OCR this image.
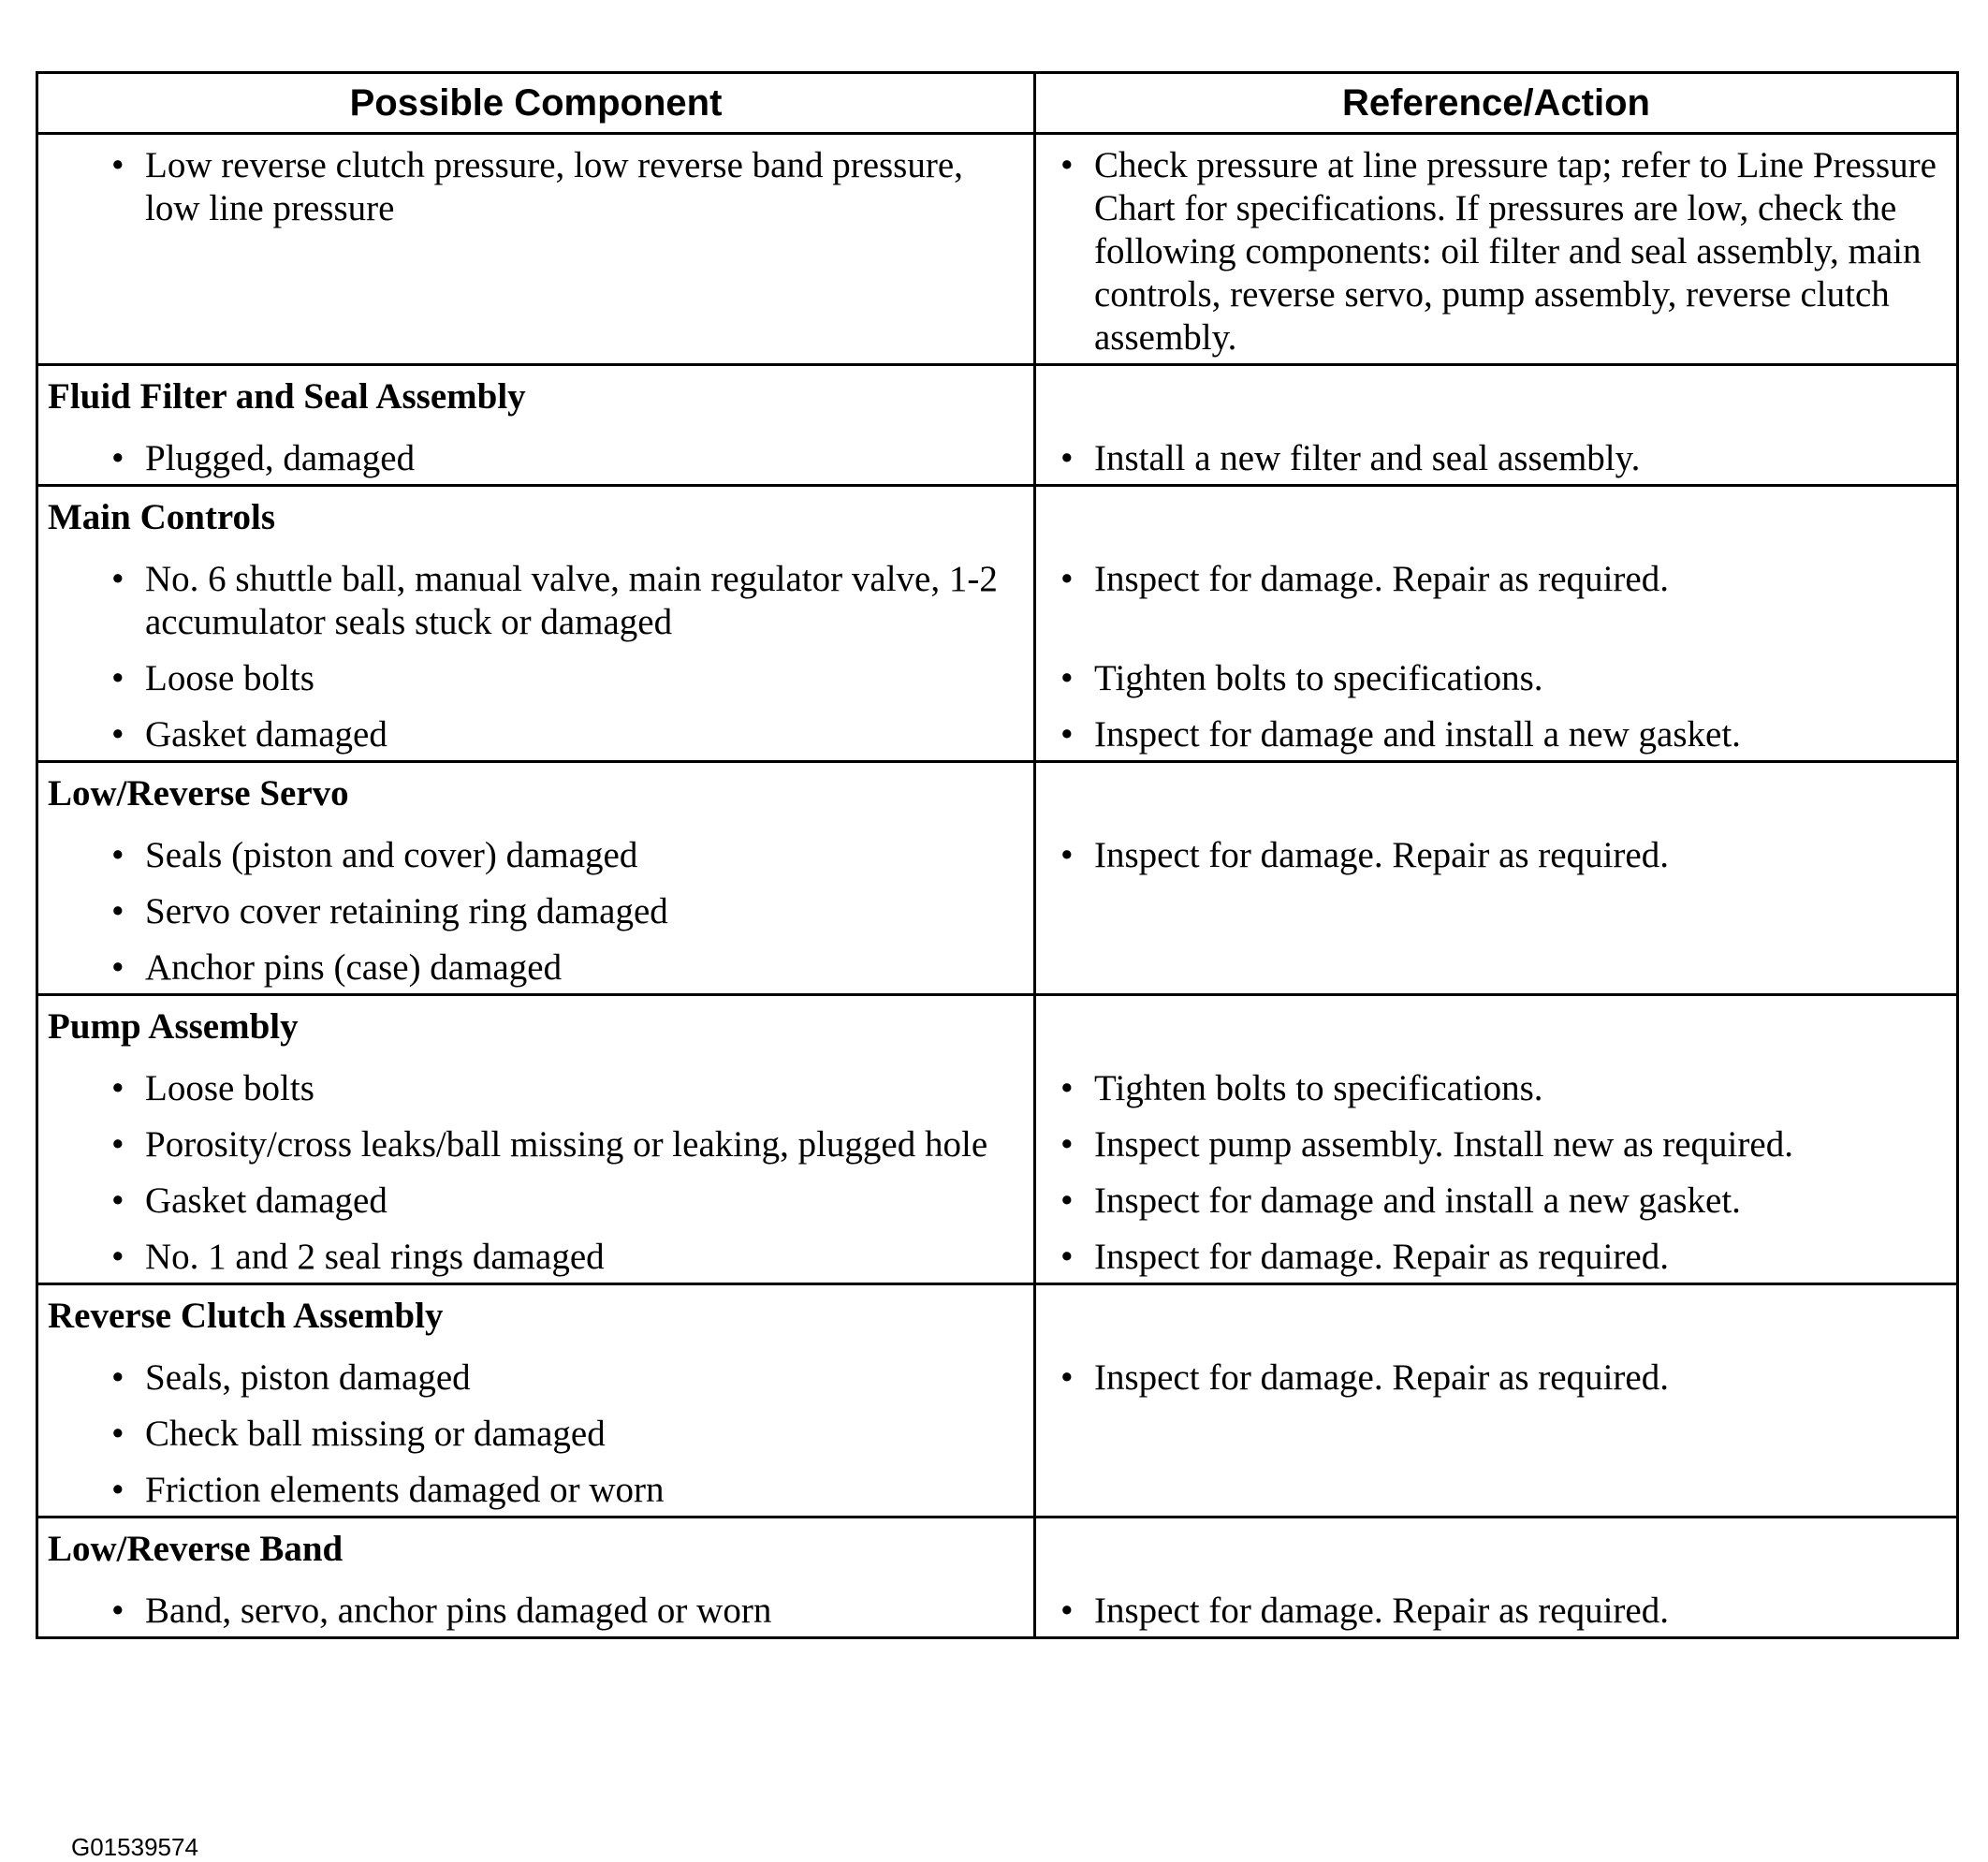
Possible Component	Reference/Action

• Low reverse clutch pressure, low reverse band pressure, low line pressure	• Check pressure at line pressure tap; refer to Line Pressure Chart for specifications. If pressures are low, check the following components: oil filter and seal assembly, main controls, reverse servo, pump assembly, reverse clutch assembly.

Fluid Filter and Seal Assembly	

• Plugged, damaged	• Install a new filter and seal assembly.

Main Controls	

• No. 6 shuttle ball, manual valve, main regulator valve, 1-2 accumulator seals stuck or damaged	• Inspect for damage. Repair as required.

• Loose bolts	• Tighten bolts to specifications.

• Gasket damaged	• Inspect for damage and install a new gasket.

Low/Reverse Servo	

• Seals (piston and cover) damaged	• Inspect for damage. Repair as required.

• Servo cover retaining ring damaged	

• Anchor pins (case) damaged	

Pump Assembly	

• Loose bolts	• Tighten bolts to specifications.

• Porosity/cross leaks/ball missing or leaking, plugged hole	• Inspect pump assembly. Install new as required.

• Gasket damaged	• Inspect for damage and install a new gasket.

• No. 1 and 2 seal rings damaged	• Inspect for damage. Repair as required.

Reverse Clutch Assembly	

• Seals, piston damaged	• Inspect for damage. Repair as required.

• Check ball missing or damaged	

• Friction elements damaged or worn	

Low/Reverse Band	

• Band, servo, anchor pins damaged or worn	• Inspect for damage. Repair as required.
G01539574
